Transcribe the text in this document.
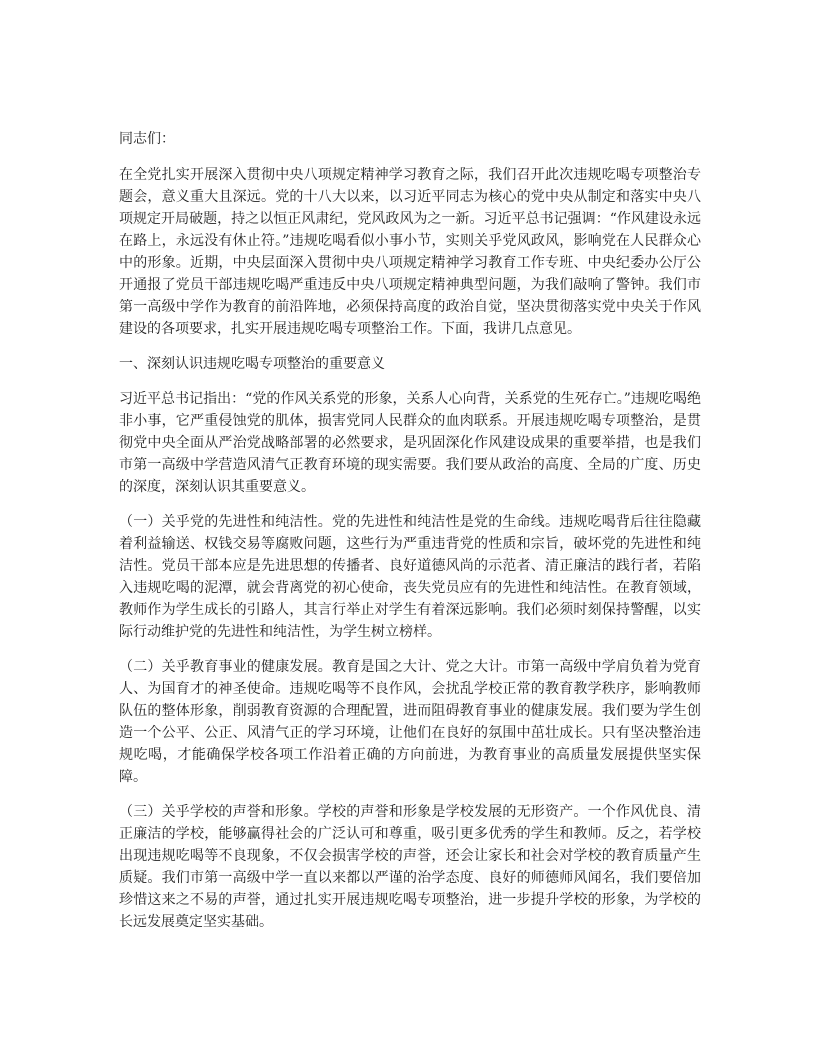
同志们：

在全党扎实开展深入贯彻中央八项规定精神学习教育之际，我们召开此次违规吃喝专项整治专题会，意义重大且深远。党的十八大以来，以习近平同志为核心的党中央从制定和落实中央八项规定开局破题，持之以恒正风肃纪，党风政风为之一新。习近平总书记强调：“作风建设永远在路上，永远没有休止符。”违规吃喝看似小事小节，实则关乎党风政风，影响党在人民群众心中的形象。近期，中央层面深入贯彻中央八项规定精神学习教育工作专班、中央纪委办公厅公开通报了党员干部违规吃喝严重违反中央八项规定精神典型问题，为我们敲响了警钟。我们市第一高级中学作为教育的前沿阵地，必须保持高度的政治自觉，坚决贯彻落实党中央关于作风建设的各项要求，扎实开展违规吃喝专项整治工作。下面，我讲几点意见。

一、深刻认识违规吃喝专项整治的重要意义

习近平总书记指出：“党的作风关系党的形象，关系人心向背，关系党的生死存亡。”违规吃喝绝非小事，它严重侵蚀党的肌体，损害党同人民群众的血肉联系。开展违规吃喝专项整治，是贯彻党中央全面从严治党战略部署的必然要求，是巩固深化作风建设成果的重要举措，也是我们市第一高级中学营造风清气正教育环境的现实需要。我们要从政治的高度、全局的广度、历史的深度，深刻认识其重要意义。

（一）关乎党的先进性和纯洁性。党的先进性和纯洁性是党的生命线。违规吃喝背后往往隐藏着利益输送、权钱交易等腐败问题，这些行为严重违背党的性质和宗旨，破坏党的先进性和纯洁性。党员干部本应是先进思想的传播者、良好道德风尚的示范者、清正廉洁的践行者，若陷入违规吃喝的泥潭，就会背离党的初心使命，丧失党员应有的先进性和纯洁性。在教育领域，教师作为学生成长的引路人，其言行举止对学生有着深远影响。我们必须时刻保持警醒，以实际行动维护党的先进性和纯洁性，为学生树立榜样。

（二）关乎教育事业的健康发展。教育是国之大计、党之大计。市第一高级中学肩负着为党育人、为国育才的神圣使命。违规吃喝等不良作风，会扰乱学校正常的教育教学秩序，影响教师队伍的整体形象，削弱教育资源的合理配置，进而阻碍教育事业的健康发展。我们要为学生创造一个公平、公正、风清气正的学习环境，让他们在良好的氛围中茁壮成长。只有坚决整治违规吃喝，才能确保学校各项工作沿着正确的方向前进，为教育事业的高质量发展提供坚实保障。

（三）关乎学校的声誉和形象。学校的声誉和形象是学校发展的无形资产。一个作风优良、清正廉洁的学校，能够赢得社会的广泛认可和尊重，吸引更多优秀的学生和教师。反之，若学校出现违规吃喝等不良现象，不仅会损害学校的声誉，还会让家长和社会对学校的教育质量产生质疑。我们市第一高级中学一直以来都以严谨的治学态度、良好的师德师风闻名，我们要倍加珍惜这来之不易的声誉，通过扎实开展违规吃喝专项整治，进一步提升学校的形象，为学校的长远发展奠定坚实基础。
